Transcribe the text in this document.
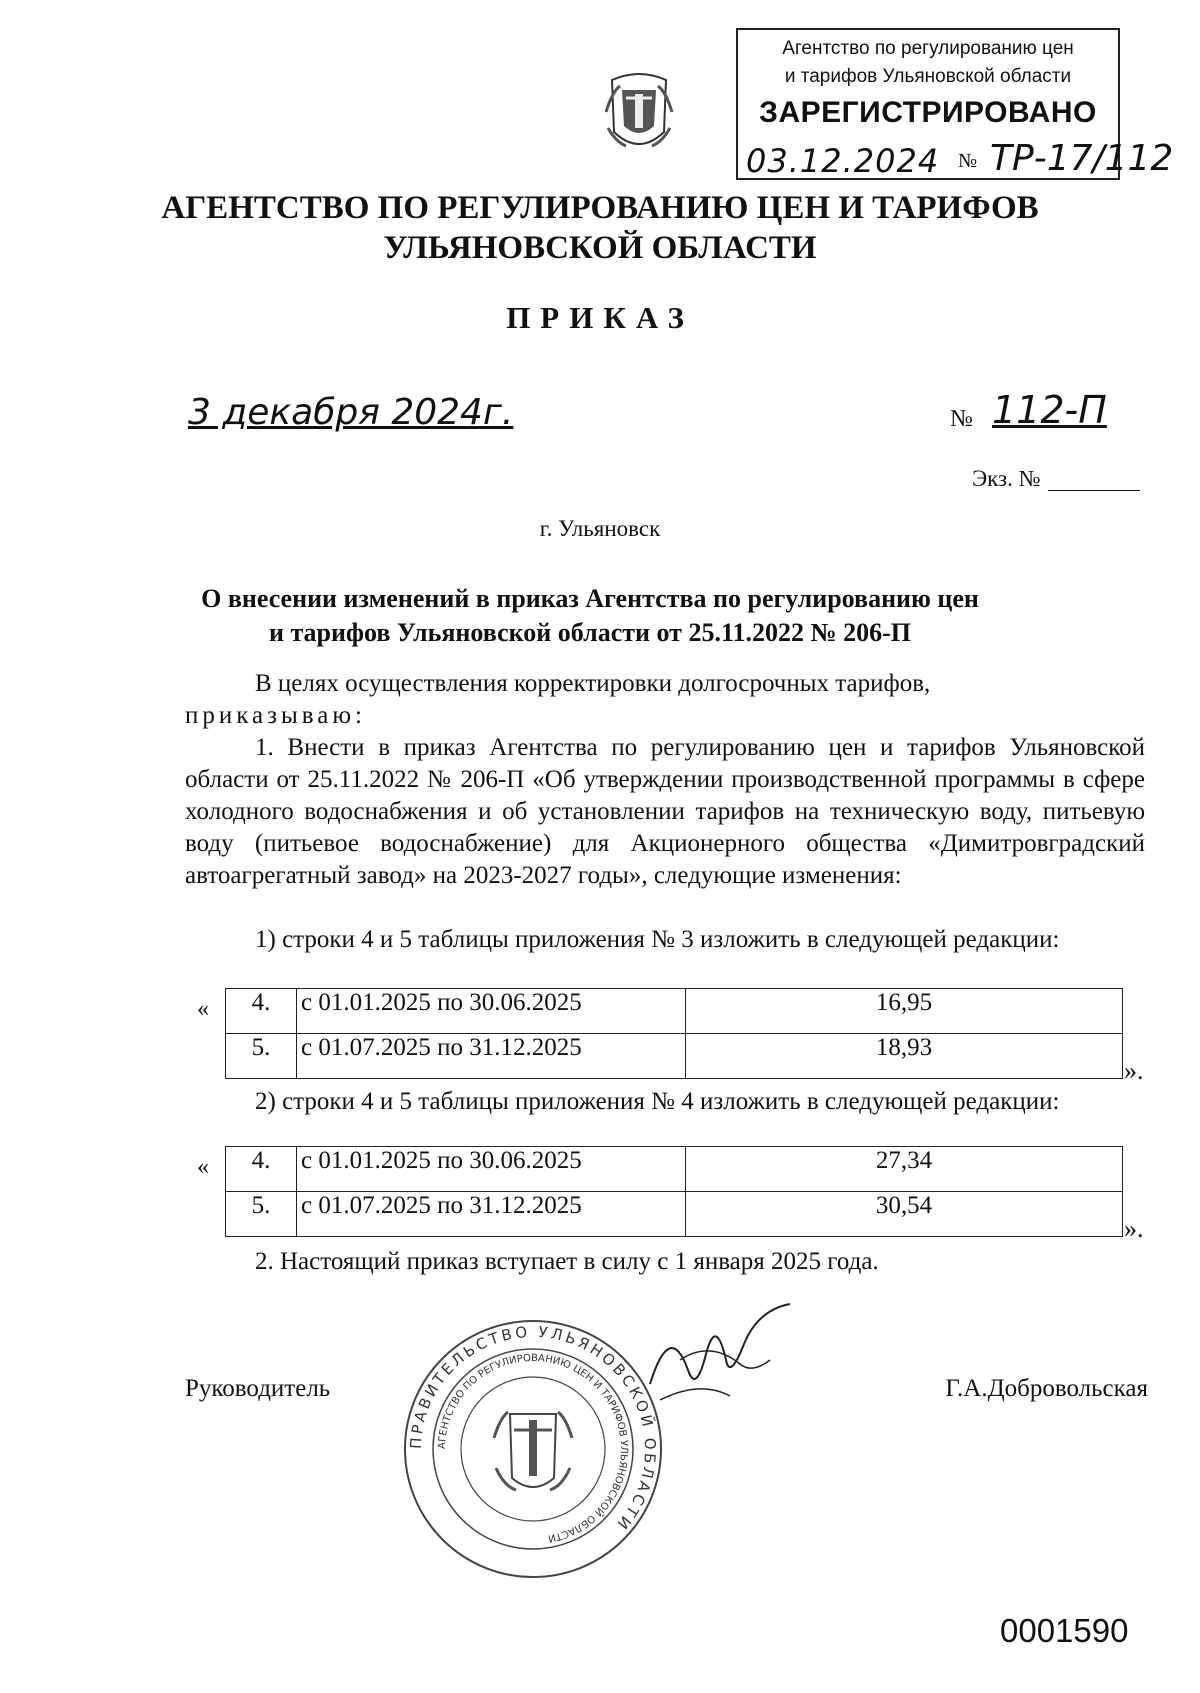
Агентство по регулированию цен
и тарифов Ульяновской области
ЗАРЕГИСТРИРОВАНО
03.12.2024 № ТР-17/112
АГЕНТСТВО ПО РЕГУЛИРОВАНИЮ ЦЕН И ТАРИФОВ
УЛЬЯНОВСКОЙ ОБЛАСТИ
ПРИКАЗ
3 декабря 2024г.	№ 112-П
Экз. №
г. Ульяновск
О внесении изменений в приказ Агентства по регулированию цен
и тарифов Ульяновской области от 25.11.2022 № 206-П
В целях осуществления корректировки долгосрочных тарифов,
приказываю:
1. Внести в приказ Агентства по регулированию цен и тарифов Ульяновской области от 25.11.2022 № 206-П «Об утверждении производственной программы в сфере холодного водоснабжения и об установлении тарифов на техническую воду, питьевую воду (питьевое водоснабжение) для Акционерного общества «Димитровградский автоагрегатный завод» на 2023-2027 годы», следующие изменения:
1) строки 4 и 5 таблицы приложения № 3 изложить в следующей редакции:
« 4.	с 01.01.2025 по 30.06.2025	16,95
5.	с 01.07.2025 по 31.12.2025	18,93
».
2) строки 4 и 5 таблицы приложения № 4 изложить в следующей редакции:
« 4.	с 01.01.2025 по 30.06.2025	27,34
5.	с 01.07.2025 по 31.12.2025	30,54
».
2. Настоящий приказ вступает в силу с 1 января 2025 года.
Руководитель
ПРАВИТЕЛЬСТВО УЛЬЯНОВСКОЙ ОБЛАСТИ
АГЕНТСТВО ПО РЕГУЛИРОВАНИЮ ЦЕН И ТАРИФОВ УЛЬЯНОВСКОЙ ОБЛАСТИ
Г.А.Добровольская
0001590
